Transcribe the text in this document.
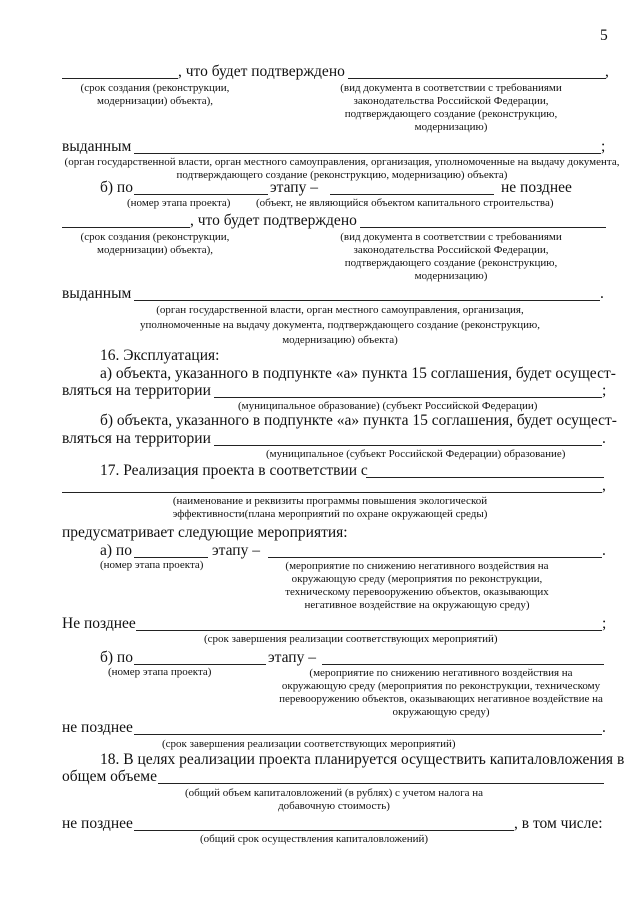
5
, что будет подтверждено	,
(срок создания (реконструкции, модернизации) объекта),
(вид документа в соответствии с требованиями законодательства Российской Федерации, подтверждающего создание (реконструкцию, модернизацию)
выданным	;
(орган государственной власти, орган местного самоуправления, организация, уполномоченные на выдачу документа, подтверждающего создание (реконструкцию, модернизацию) объекта)
б) по	этапу –	не позднее
(номер этапа проекта) (объект, не являющийся объектом капитального строительства)
, что будет подтверждено
(срок создания (реконструкции, модернизации) объекта),
(вид документа в соответствии с требованиями законодательства Российской Федерации, подтверждающего создание (реконструкцию, модернизацию)
выданным	.
(орган государственной власти, орган местного самоуправления, организация, уполномоченные на выдачу документа, подтверждающего создание (реконструкцию, модернизацию) объекта)
16. Эксплуатация:
а) объекта, указанного в подпункте «а» пункта 15 соглашения, будет осущест-
вляться на территории	;
(муниципальное образование) (субъект Российской Федерации)
б) объекта, указанного в подпункте «а» пункта 15 соглашения, будет осущест-
вляться на территории	.
(муниципальное (субъект Российской Федерации) образование)
17. Реализация проекта в соответствии с
,
(наименование и реквизиты программы повышения экологической эффективности(плана мероприятий по охране окружающей среды)
предусматривает следующие мероприятия:
а) по	этапу –	.
(номер этапа проекта)	(мероприятие по снижению негативного воздействия на окружающую среду (мероприятия по реконструкции, техническому перевооружению объектов, оказывающих негативное воздействие на окружающую среду)
Не позднее	;
(срок завершения реализации соответствующих мероприятий)
б) по	этапу –
(номер этапа проекта)	(мероприятие по снижению негативного воздействия на окружающую среду (мероприятия по реконструкции, техническому перевооружению объектов, оказывающих негативное воздействие на окружающую среду)
не позднее	.
(срок завершения реализации соответствующих мероприятий)
18. В целях реализации проекта планируется осуществить капиталовложения в
общем объеме
(общий объем капиталовложений (в рублях) с учетом налога на добавочную стоимость)
не позднее	, в том числе:
(общий срок осуществления капиталовложений)
